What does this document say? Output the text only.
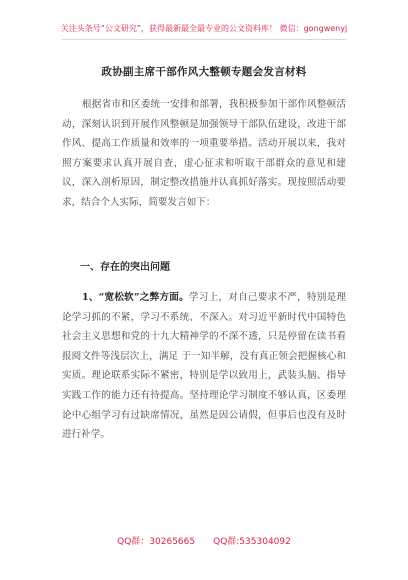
关注头条号“公文研究”，获得最新最全最专业的公文资料库！ 微信：gongwenyj
政协副主席干部作风大整顿专题会发言材料
根据省市和区委统一安排和部署，我积极参加干部作风整顿活动，深刻认识到开展作风整顿是加强领导干部队伍建设，改进干部作风、提高工作质量和效率的一项重要举措。活动开展以来，我对照方案要求认真开展自查，虚心征求和听取干部群众的意见和建议，深入剖析原因，制定整改措施并认真抓好落实。现按照活动要求，结合个人实际，简要发言如下：
一、存在的突出问题
1、“宽松软”之弊方面。学习上，对自己要求不严，特别是理论学习抓的不紧，学习不系统、不深入。对习近平新时代中国特色社会主义思想和党的十九大精神学的不深不透，只是停留在读书看报阅文件等浅层次上，满足 于一知半解，没有真正领会把握核心和实质。理论联系实际不紧密，特别是学以致用上，武装头脑、指导实践工作的能力还有待提高。坚持理论学习制度不够认真，区委理论中心组学习有过缺席情况，虽然是因公请假，但事后也没有及时进行补学。
QQ群：30265665 QQ群:535304092
